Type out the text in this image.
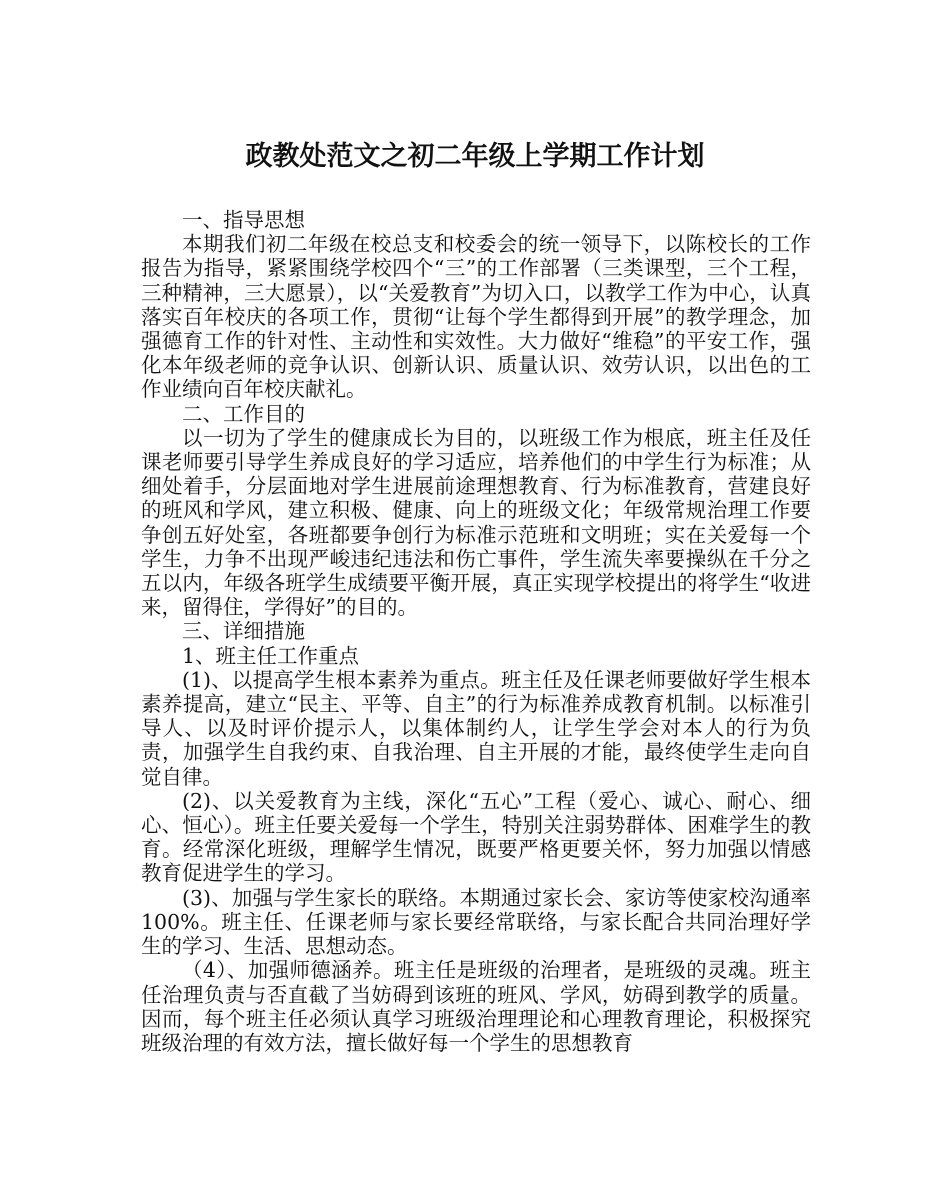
政教处范文之初二年级上学期工作计划

一、指导思想

本期我们初二年级在校总支和校委会的统一领导下，以陈校长的工作报告为指导，紧紧围绕学校四个“三”的工作部署（三类课型，三个工程，三种精神，三大愿景），以“关爱教育”为切入口，以教学工作为中心，认真落实百年校庆的各项工作，贯彻“让每个学生都得到开展”的教学理念，加强德育工作的针对性、主动性和实效性。大力做好“维稳”的平安工作，强化本年级老师的竞争认识、创新认识、质量认识、效劳认识，以出色的工作业绩向百年校庆献礼。

二、工作目的

以一切为了学生的健康成长为目的，以班级工作为根底，班主任及任课老师要引导学生养成良好的学习适应，培养他们的中学生行为标准；从细处着手，分层面地对学生进展前途理想教育、行为标准教育，营建良好的班风和学风，建立积极、健康、向上的班级文化；年级常规治理工作要争创五好处室，各班都要争创行为标准示范班和文明班；实在关爱每一个学生，力争不出现严峻违纪违法和伤亡事件，学生流失率要操纵在千分之五以内，年级各班学生成绩要平衡开展，真正实现学校提出的将学生“收进来，留得住，学得好”的目的。

三、详细措施

1、班主任工作重点

(1)、以提高学生根本素养为重点。班主任及任课老师要做好学生根本素养提高，建立“民主、平等、自主”的行为标准养成教育机制。以标准引导人、以及时评价提示人，以集体制约人，让学生学会对本人的行为负责，加强学生自我约束、自我治理、自主开展的才能，最终使学生走向自觉自律。

(2)、以关爱教育为主线，深化“五心”工程（爱心、诚心、耐心、细心、恒心）。班主任要关爱每一个学生，特别关注弱势群体、困难学生的教育。经常深化班级，理解学生情况，既要严格更要关怀，努力加强以情感教育促进学生的学习。

(3)、加强与学生家长的联络。本期通过家长会、家访等使家校沟通率100%。班主任、任课老师与家长要经常联络，与家长配合共同治理好学生的学习、生活、思想动态。

（4）、加强师德涵养。班主任是班级的治理者，是班级的灵魂。班主任治理负责与否直截了当妨碍到该班的班风、学风，妨碍到教学的质量。因而，每个班主任必须认真学习班级治理理论和心理教育理论，积极探究班级治理的有效方法，擅长做好每一个学生的思想教育
